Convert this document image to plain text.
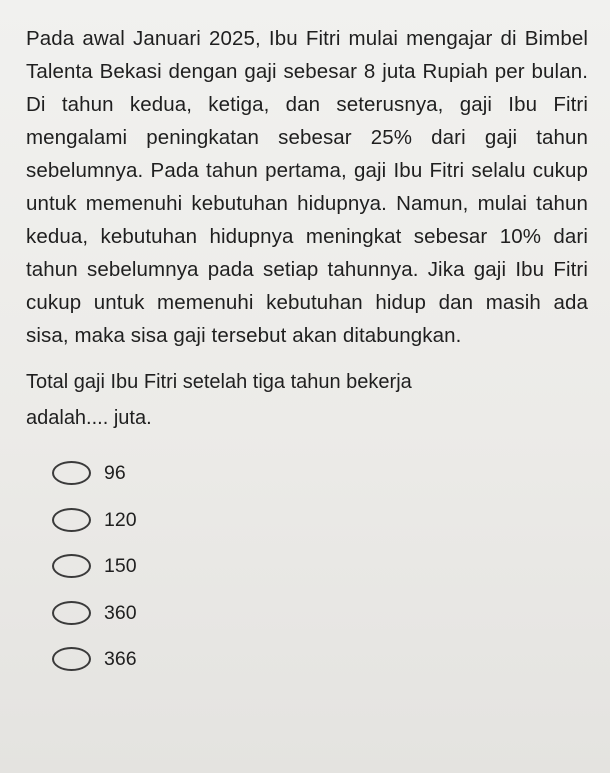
Pada awal Januari 2025, Ibu Fitri mulai mengajar di Bimbel Talenta Bekasi dengan gaji sebesar 8 juta Rupiah per bulan. Di tahun kedua, ketiga, dan seterusnya, gaji Ibu Fitri mengalami peningkatan sebesar 25% dari gaji tahun sebelumnya. Pada tahun pertama, gaji Ibu Fitri selalu cukup untuk memenuhi kebutuhan hidupnya. Namun, mulai tahun kedua, kebutuhan hidupnya meningkat sebesar 10% dari tahun sebelumnya pada setiap tahunnya. Jika gaji Ibu Fitri cukup untuk memenuhi kebutuhan hidup dan masih ada sisa, maka sisa gaji tersebut akan ditabungkan.

Total gaji Ibu Fitri setelah tiga tahun bekerja adalah.... juta.

96
120
150
360
366
